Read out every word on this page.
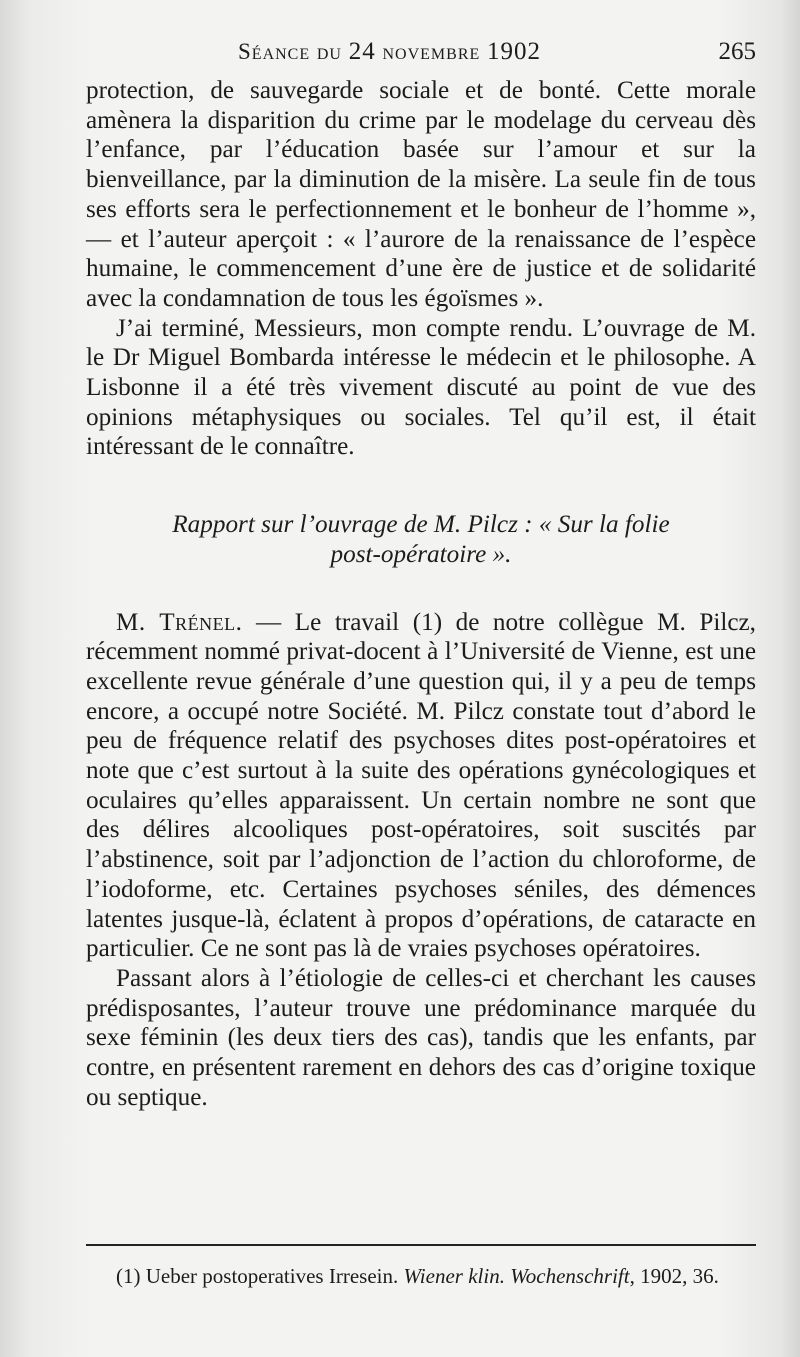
Séance du 24 novembre 1902	265

protection, de sauvegarde sociale et de bonté. Cette morale amènera la disparition du crime par le modelage du cerveau dès l’enfance, par l’éducation basée sur l’amour et sur la bienveillance, par la diminution de la misère. La seule fin de tous ses efforts sera le perfectionnement et le bonheur de l’homme », — et l’auteur aperçoit : « l’aurore de la renaissance de l’espèce humaine, le commencement d’une ère de justice et de solidarité avec la condamnation de tous les égoïsmes ».

J’ai terminé, Messieurs, mon compte rendu. L’ouvrage de M. le Dr Miguel Bombarda intéresse le médecin et le philosophe. A Lisbonne il a été très vivement discuté au point de vue des opinions métaphysiques ou sociales. Tel qu’il est, il était intéressant de le connaître.

Rapport sur l’ouvrage de M. Pilcz : « Sur la folie
post-opératoire ».

M. Trénel. — Le travail (1) de notre collègue M. Pilcz, récemment nommé privat-docent à l’Université de Vienne, est une excellente revue générale d’une question qui, il y a peu de temps encore, a occupé notre Société. M. Pilcz constate tout d’abord le peu de fréquence relatif des psychoses dites post-opératoires et note que c’est surtout à la suite des opérations gynécologiques et oculaires qu’elles apparaissent. Un certain nombre ne sont que des délires alcooliques post-opératoires, soit suscités par l’abstinence, soit par l’adjonction de l’action du chloroforme, de l’iodoforme, etc. Certaines psychoses séniles, des démences latentes jusque-là, éclatent à propos d’opérations, de cataracte en particulier. Ce ne sont pas là de vraies psychoses opératoires.

Passant alors à l’étiologie de celles-ci et cherchant les causes prédisposantes, l’auteur trouve une prédominance marquée du sexe féminin (les deux tiers des cas), tandis que les enfants, par contre, en présentent rarement en dehors des cas d’origine toxique ou septique.

(1) Ueber postoperatives Irresein. Wiener klin. Wochenschrift, 1902, 36.
